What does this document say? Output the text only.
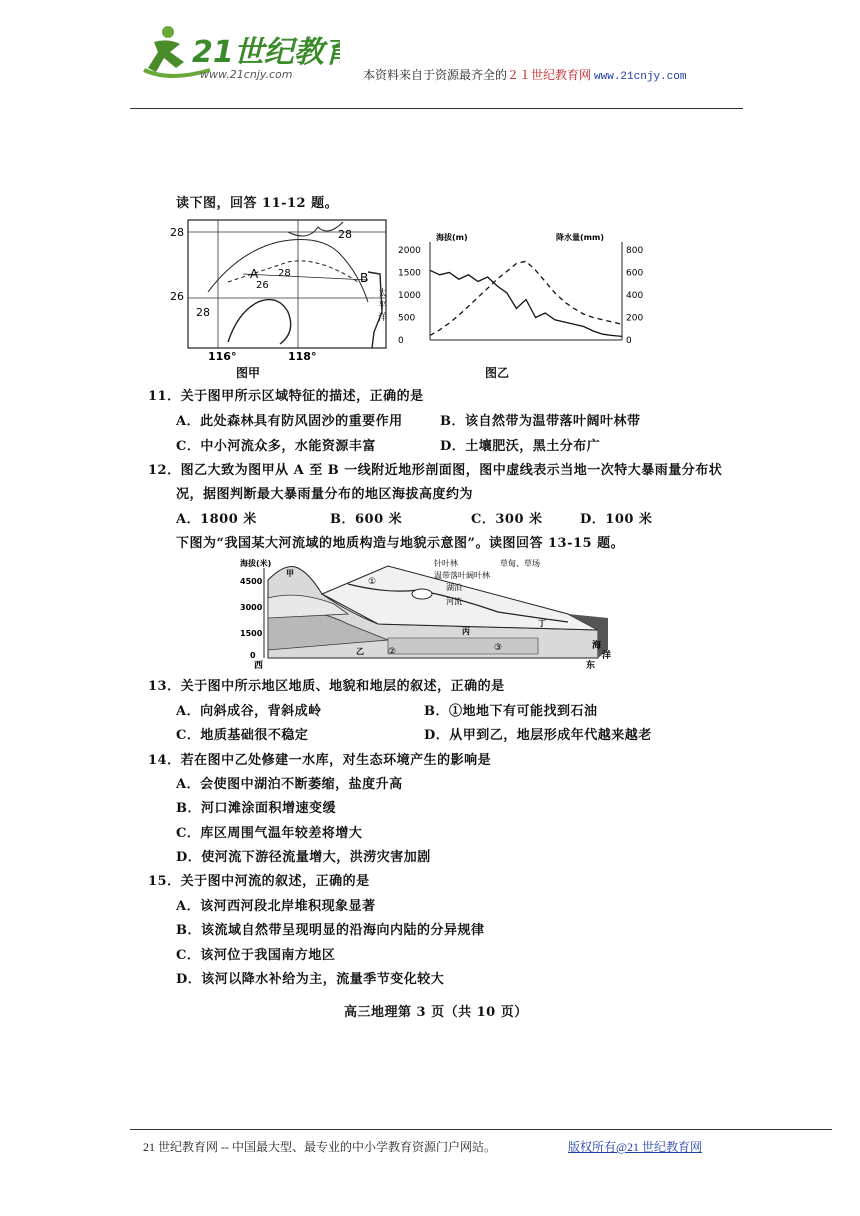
21世纪教育
www.21cnjy.com	本资料来自于资源最齐全的２１世纪教育网 www.21cnjy.com
读下图，回答 11-12 题。
28
26
116°	118°
28
28
A
26
B
28
太
平
洋
图甲
海拔(m)	降水量(mm)
2000
1500
1000
500
0
800
600
400
200
0
图乙
11．关于图甲所示区域特征的描述，正确的是
A．此处森林具有防风固沙的重要作用	B．该自然带为温带落叶阔叶林带
C．中小河流众多，水能资源丰富	D．土壤肥沃，黑土分布广
12．图乙大致为图甲从 A 至 B 一线附近地形剖面图，图中虚线表示当地一次特大暴雨量分布状
况，据图判断最大暴雨量分布的地区海拔高度约为
A．1800 米	B．600 米	C．300 米	D．100 米
下图为“我国某大河流域的地质构造与地貌示意图”。读图回答 13-15 题。
海拔(米)
4500
3000
1500
0
针叶林	草甸、草场
温带落叶阔叶林
湖泊
河流
甲
乙
丙
丁
①
②	③
西	东
海
洋
13．关于图中所示地区地质、地貌和地层的叙述，正确的是
A．向斜成谷，背斜成岭	B．①地地下有可能找到石油
C．地质基础很不稳定	D．从甲到乙，地层形成年代越来越老
14．若在图中乙处修建一水库，对生态环境产生的影响是
A．会使图中湖泊不断萎缩，盐度升高
B．河口滩涂面积增速变缓
C．库区周围气温年较差将增大
D．使河流下游径流量增大，洪涝灾害加剧
15．关于图中河流的叙述，正确的是
A．该河西河段北岸堆积现象显著
B．该流域自然带呈现明显的沿海向内陆的分异规律
C．该河位于我国南方地区
D．该河以降水补给为主，流量季节变化较大
高三地理第 3 页（共 10 页）
21 世纪教育网 -- 中国最大型、最专业的中小学教育资源门户网站。	版权所有@21 世纪教育网
